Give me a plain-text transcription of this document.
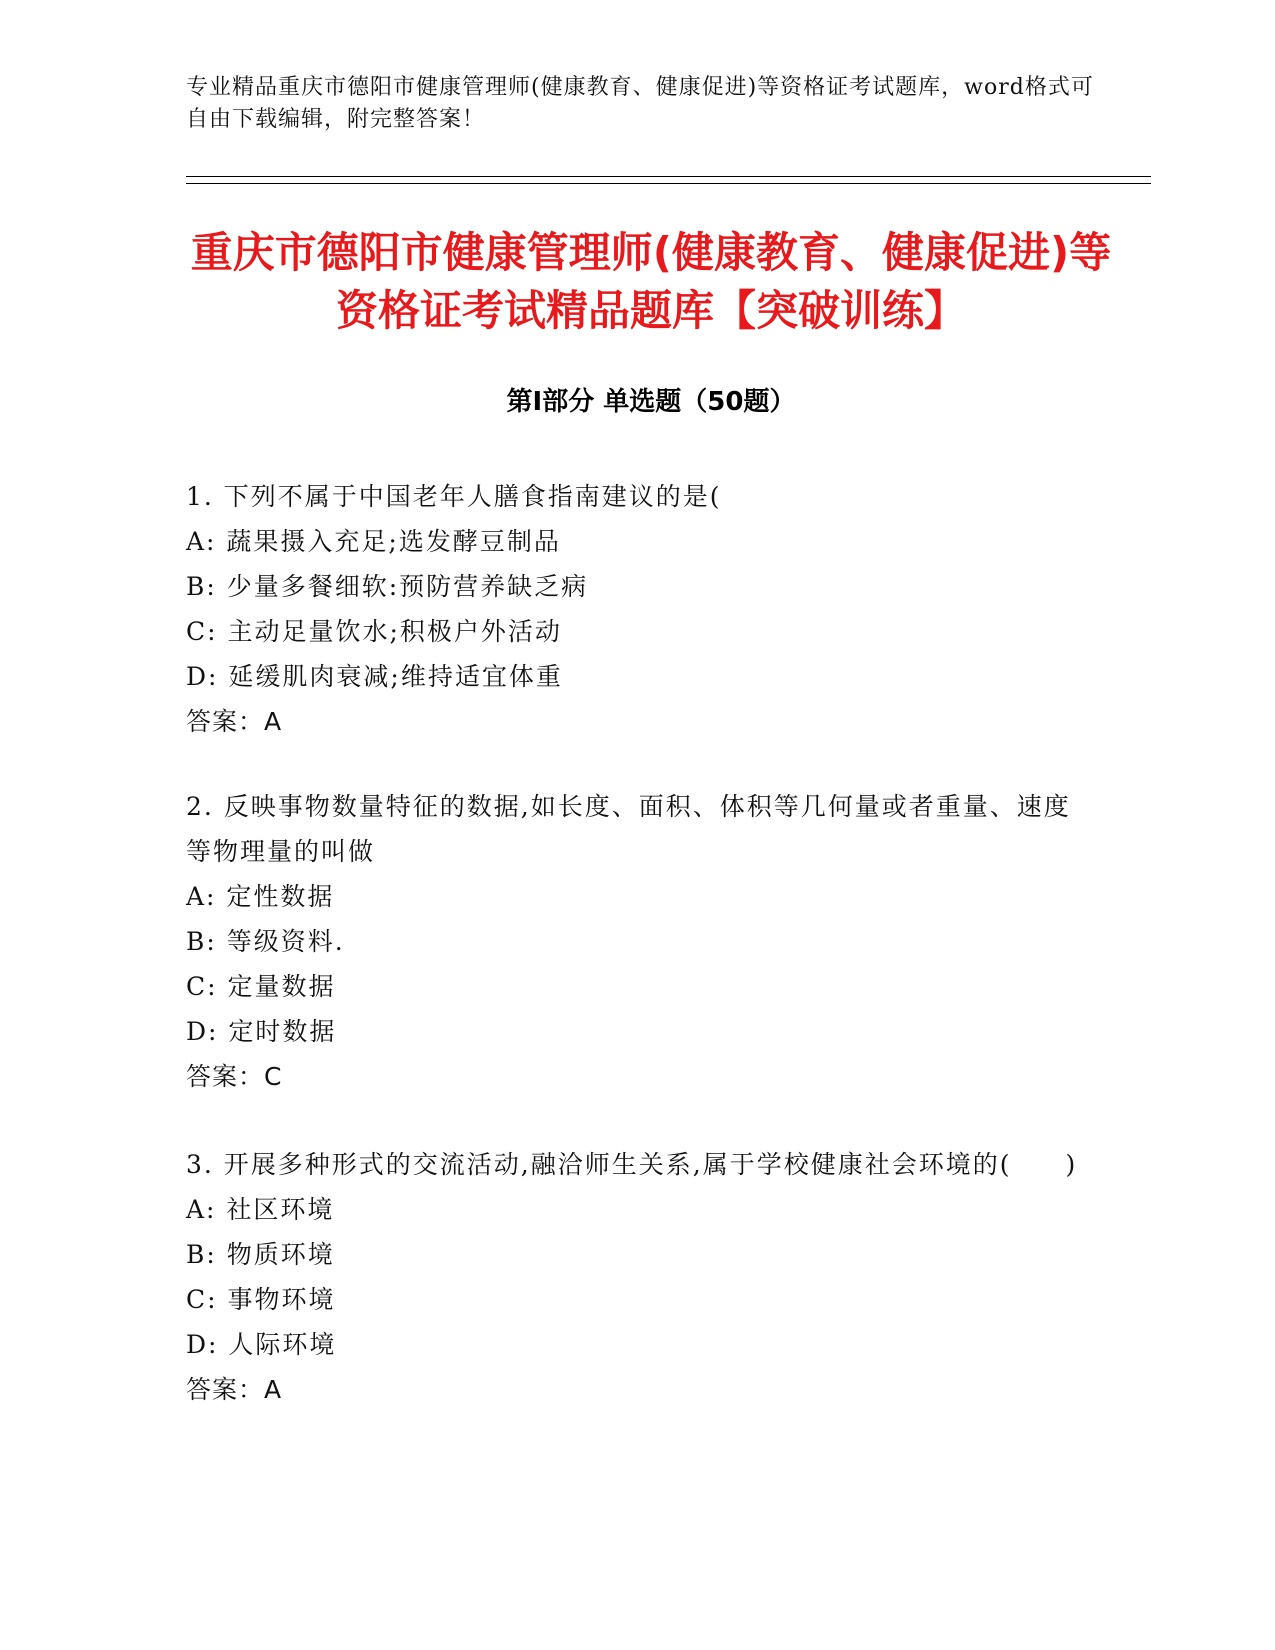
专业精品重庆市德阳市健康管理师(健康教育、健康促进)等资格证考试题库，word格式可自由下载编辑，附完整答案！

重庆市德阳市健康管理师(健康教育、健康促进)等资格证考试精品题库【突破训练】
第Ⅰ部分 单选题（50题）

1. 下列不属于中国老年人膳食指南建议的是(

A: 蔬果摄入充足;选发酵豆制品

B: 少量多餐细软:预防营养缺乏病

C: 主动足量饮水;积极户外活动

D: 延缓肌肉衰减;维持适宜体重

答案：A

2. 反映事物数量特征的数据,如长度、面积、体积等几何量或者重量、速度等物理量的叫做

A: 定性数据

B: 等级资料.

C: 定量数据

D: 定时数据

答案：C

3. 开展多种形式的交流活动,融洽师生关系,属于学校健康社会环境的(　　)

A: 社区环境

B: 物质环境

C: 事物环境

D: 人际环境

答案：A
